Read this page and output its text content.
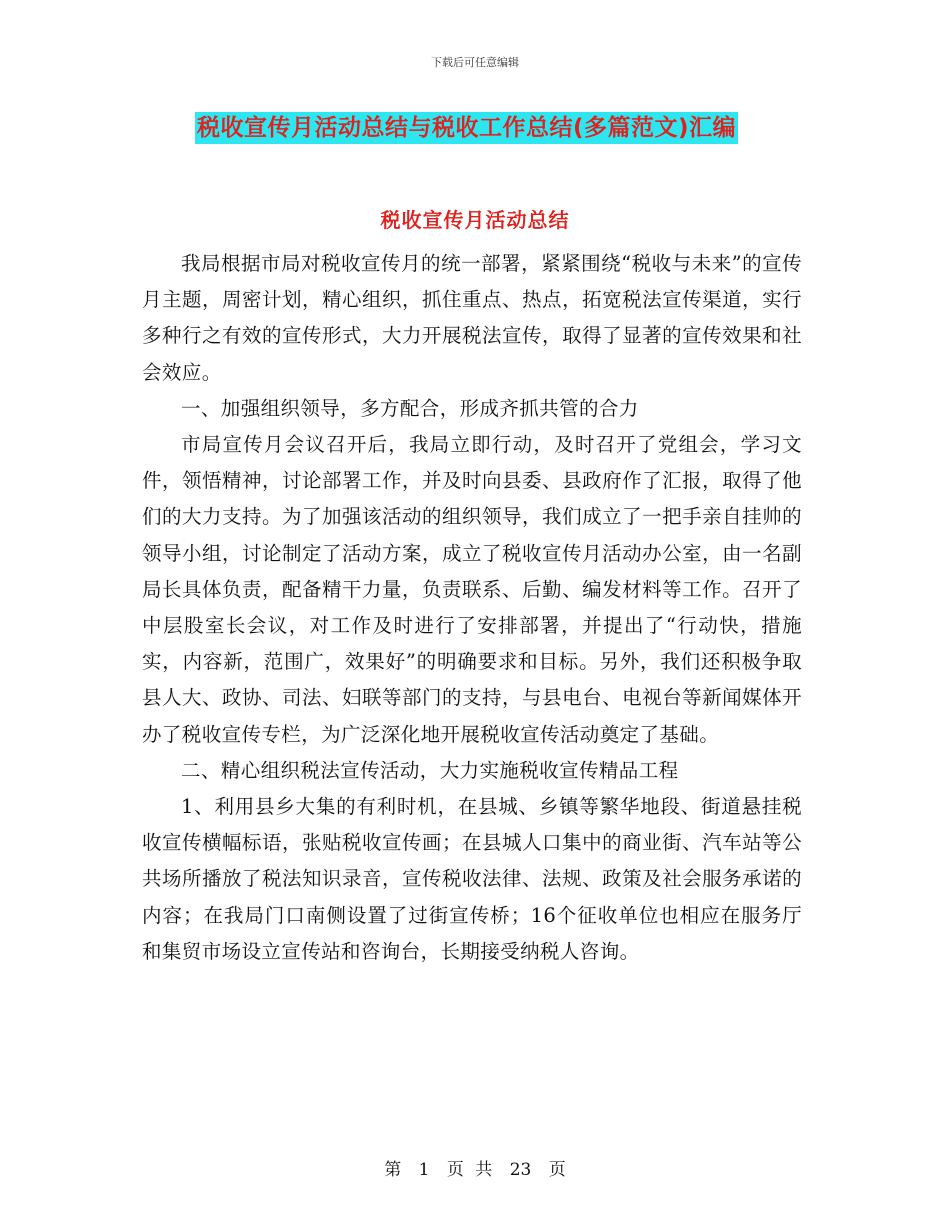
下载后可任意编辑
税收宣传月活动总结与税收工作总结(多篇范文)汇编
税收宣传月活动总结

我局根据市局对税收宣传月的统一部署，紧紧围绕“税收与未来”的宣传月主题，周密计划，精心组织，抓住重点、热点，拓宽税法宣传渠道，实行多种行之有效的宣传形式，大力开展税法宣传，取得了显著的宣传效果和社会效应。

一、加强组织领导，多方配合，形成齐抓共管的合力

市局宣传月会议召开后，我局立即行动，及时召开了党组会，学习文件，领悟精神，讨论部署工作，并及时向县委、县政府作了汇报，取得了他们的大力支持。为了加强该活动的组织领导，我们成立了一把手亲自挂帅的领导小组，讨论制定了活动方案，成立了税收宣传月活动办公室，由一名副局长具体负责，配备精干力量，负责联系、后勤、编发材料等工作。召开了中层股室长会议，对工作及时进行了安排部署，并提出了“行动快，措施实，内容新，范围广，效果好”的明确要求和目标。另外，我们还积极争取县人大、政协、司法、妇联等部门的支持，与县电台、电视台等新闻媒体开办了税收宣传专栏，为广泛深化地开展税收宣传活动奠定了基础。

二、精心组织税法宣传活动，大力实施税收宣传精品工程

1、利用县乡大集的有利时机，在县城、乡镇等繁华地段、街道悬挂税收宣传横幅标语，张贴税收宣传画；在县城人口集中的商业街、汽车站等公共场所播放了税法知识录音，宣传税收法律、法规、政策及社会服务承诺的内容；在我局门口南侧设置了过街宣传桥；16个征收单位也相应在服务厅和集贸市场设立宣传站和咨询台，长期接受纳税人咨询。

第 1 页 共 23 页
